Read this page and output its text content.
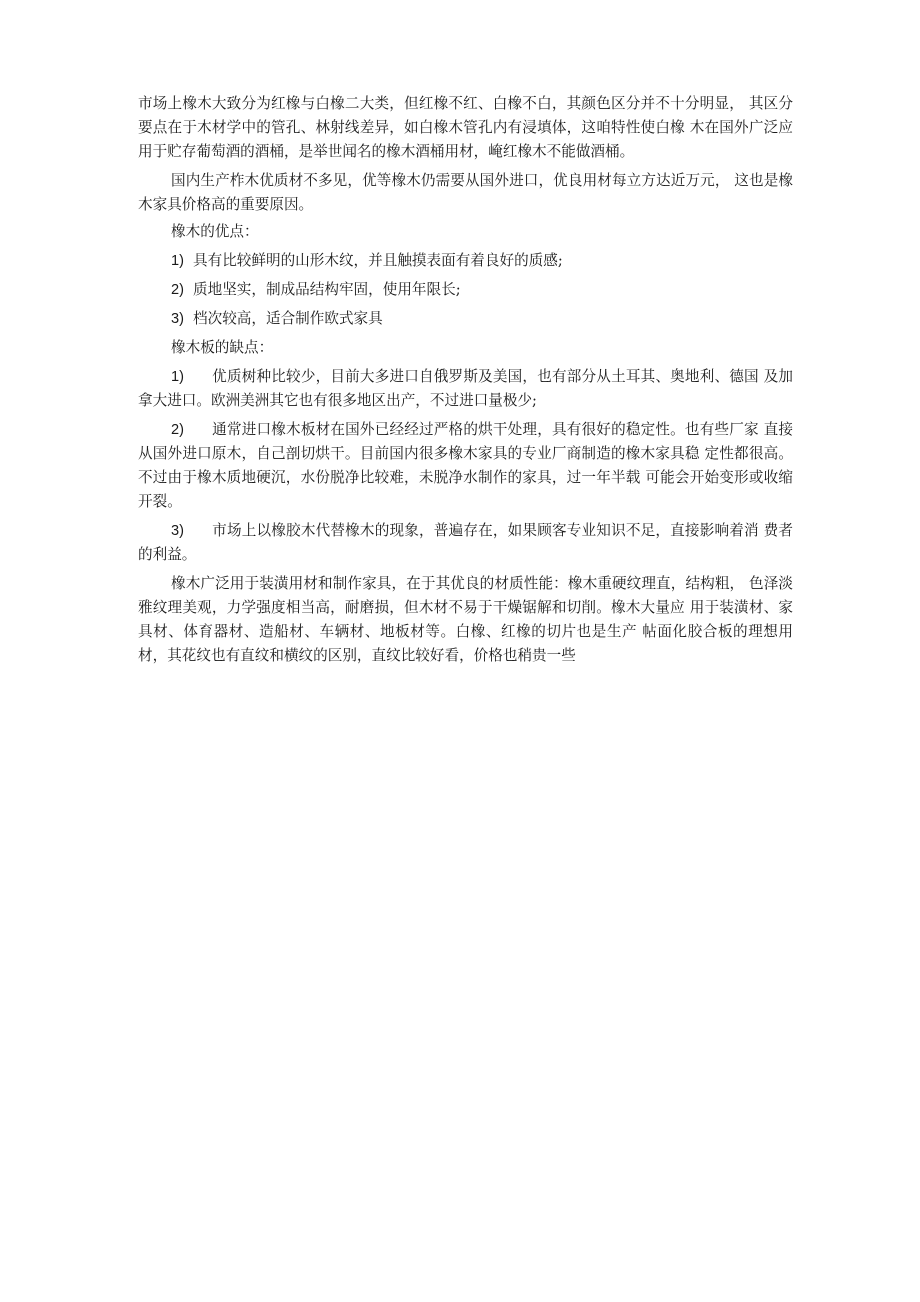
市场上橡木大致分为红橡与白橡二大类，但红橡不红、白橡不白，其颜色区分并不十分明显， 其区分要点在于木材学中的管孔、林射线差异，如白橡木管孔内有浸填体，这咱特性使白橡 木在国外广泛应用于贮存葡萄酒的酒桶，是举世闻名的橡木酒桶用材，崦红橡木不能做酒桶。

国内生产柞木优质材不多见，优等橡木仍需要从国外进口，优良用材每立方达近万元， 这也是橡木家具价格高的重要原因。

橡木的优点：

1) 具有比较鲜明的山形木纹，并且触摸表面有着良好的质感;

2) 质地坚实，制成品结构牢固，使用年限长;

3) 档次较高，适合制作欧式家具

橡木板的缺点：

1) 优质树种比较少，目前大多进口自俄罗斯及美国，也有部分从土耳其、奥地利、德国 及加拿大进口。欧洲美洲其它也有很多地区出产，不过进口量极少;

2) 通常进口橡木板材在国外已经经过严格的烘干处理，具有很好的稳定性。也有些厂家 直接从国外进口原木，自己剖切烘干。目前国内很多橡木家具的专业厂商制造的橡木家具稳 定性都很高。不过由于橡木质地硬沉，水份脱净比较难，未脱净水制作的家具，过一年半载 可能会开始变形或收缩开裂。

3) 市场上以橡胶木代替橡木的现象，普遍存在，如果顾客专业知识不足，直接影响着消 费者的利益。

橡木广泛用于装潢用材和制作家具，在于其优良的材质性能：橡木重硬纹理直，结构粗， 色泽淡雅纹理美观，力学强度相当高，耐磨损，但木材不易于干燥锯解和切削。橡木大量应 用于装潢材、家具材、体育器材、造船材、车辆材、地板材等。白橡、红橡的切片也是生产 帖面化胶合板的理想用材，其花纹也有直纹和横纹的区别，直纹比较好看，价格也稍贵一些
